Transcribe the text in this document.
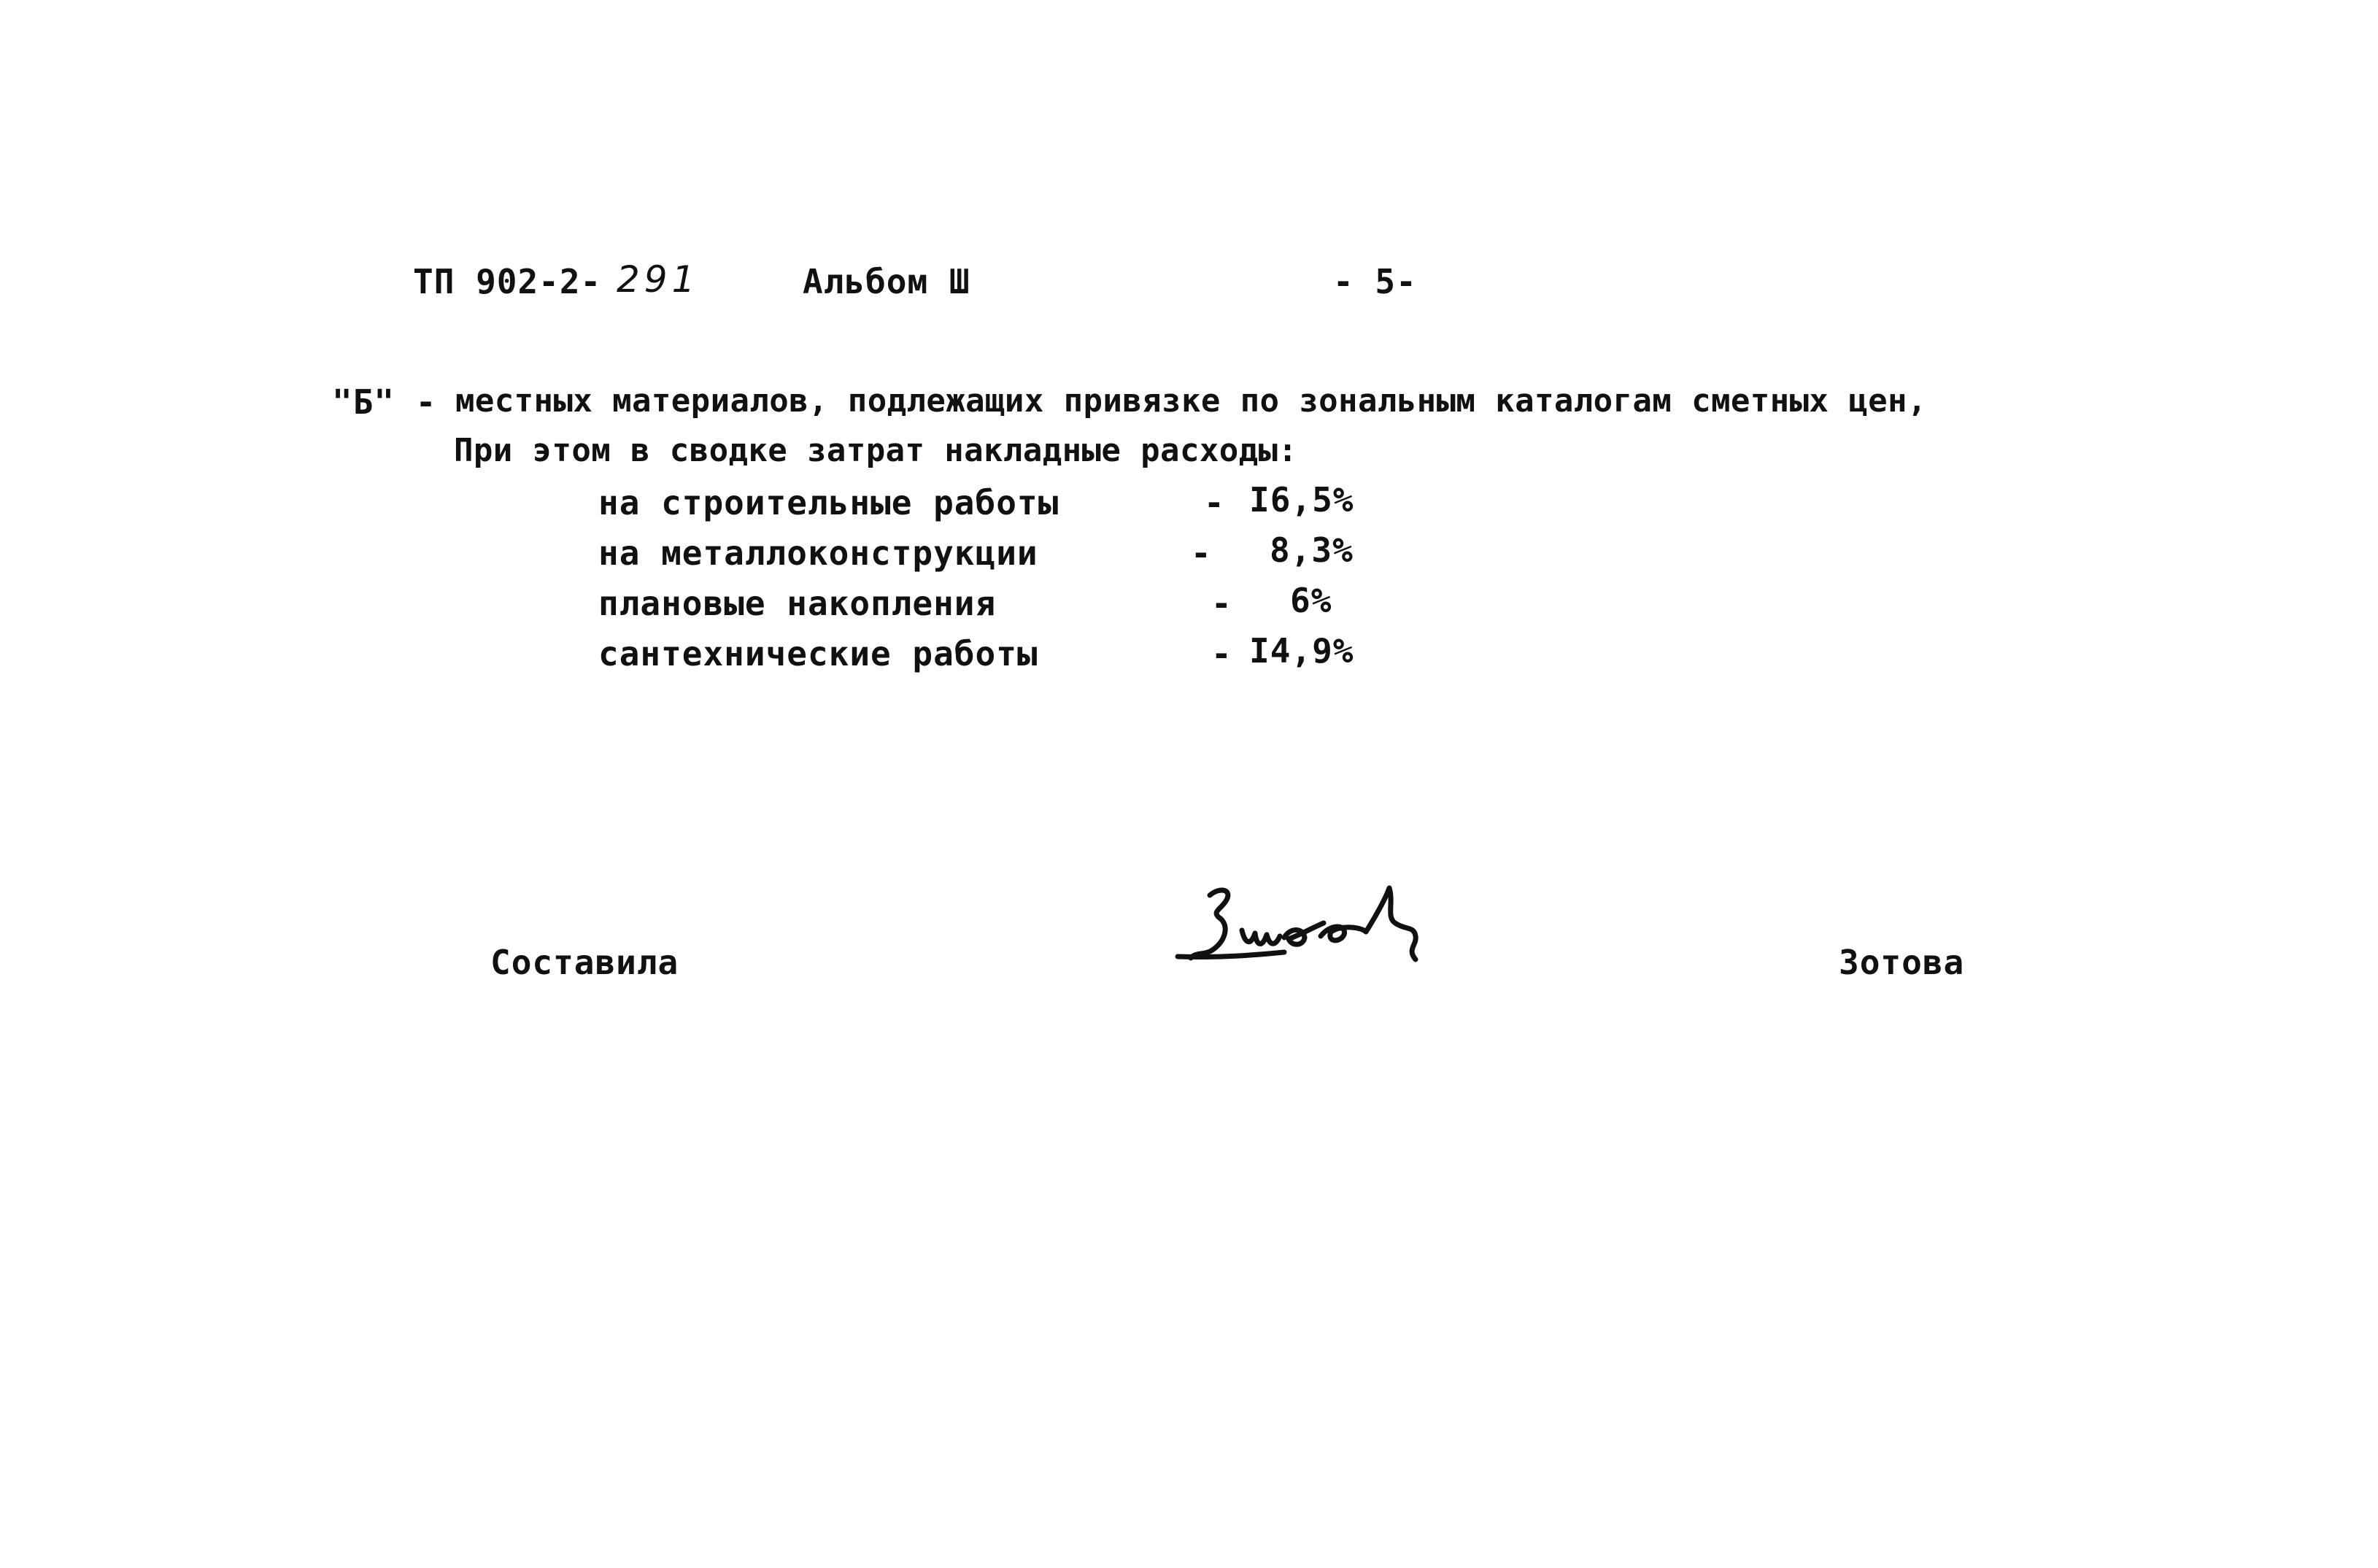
ТП 902-2- 291	Альбом Ш	- 5-
"Б" - местных материалов, подлежащих привязке по зональным каталогам сметных цен,
При этом в сводке затрат накладные расходы:
на строительные работы	- I6,5%
на металлоконструкции	- 8,3%
плановые накопления	- 6%
сантехнические работы	- I4,9%
Составила	Зотова
